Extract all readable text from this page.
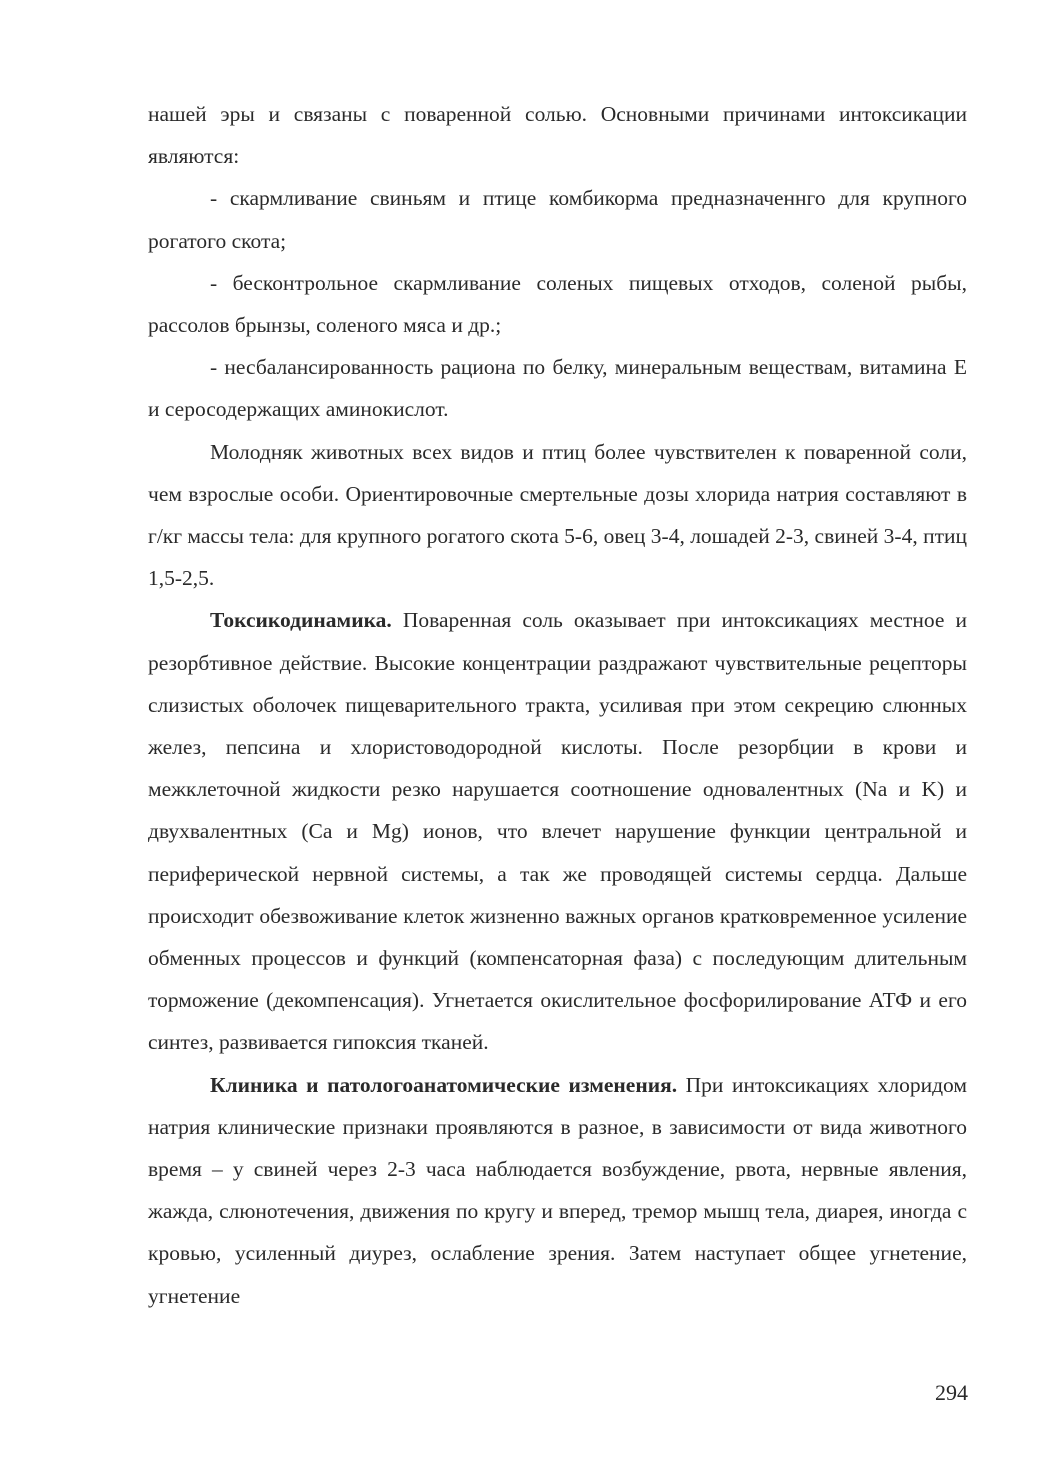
нашей эры и связаны с поваренной солью. Основными причинами интоксикации являются:

- скармливание свиньям и птице комбикорма предназначеннго для крупного рогатого скота;

- бесконтрольное скармливание соленых пищевых отходов, соленой рыбы, рассолов брынзы, соленого мяса и др.;

- несбалансированность рациона по белку, минеральным веществам, витамина Е и серосодержащих аминокислот.

Молодняк животных всех видов и птиц более чувствителен к поваренной соли, чем взрослые особи. Ориентировочные смертельные дозы хлорида натрия составляют в г/кг массы тела: для крупного рогатого скота 5-6, овец 3-4, лошадей 2-3, свиней 3-4, птиц 1,5-2,5.

Токсикодинамика. Поваренная соль оказывает при интоксикациях местное и резорбтивное действие. Высокие концентрации раздражают чувствительные рецепторы слизистых оболочек пищеварительного тракта, усиливая при этом секрецию слюнных желез, пепсина и хлористоводородной кислоты. После резорбции в крови и межклеточной жидкости резко нарушается соотношение одновалентных (Na и K) и двухвалентных (Ca и Mg) ионов, что влечет нарушение функции центральной и периферической нервной системы, а так же проводящей системы сердца. Дальше происходит обезвоживание клеток жизненно важных органов кратковременное усиление обменных процессов и функций (компенсаторная фаза) с последующим длительным торможение (декомпенсация). Угнетается окислительное фосфорилирование АТФ и его синтез, развивается гипоксия тканей.

Клиника и патологоанатомические изменения. При интоксикациях хлоридом натрия клинические признаки проявляются в разное, в зависимости от вида животного время – у свиней через 2-3 часа наблюдается возбуждение, рвота, нервные явления, жажда, слюнотечения, движения по кругу и вперед, тремор мышц тела, диарея, иногда с кровью, усиленный диурез, ослабление зрения. Затем наступает общее угнетение, угнетение

294
